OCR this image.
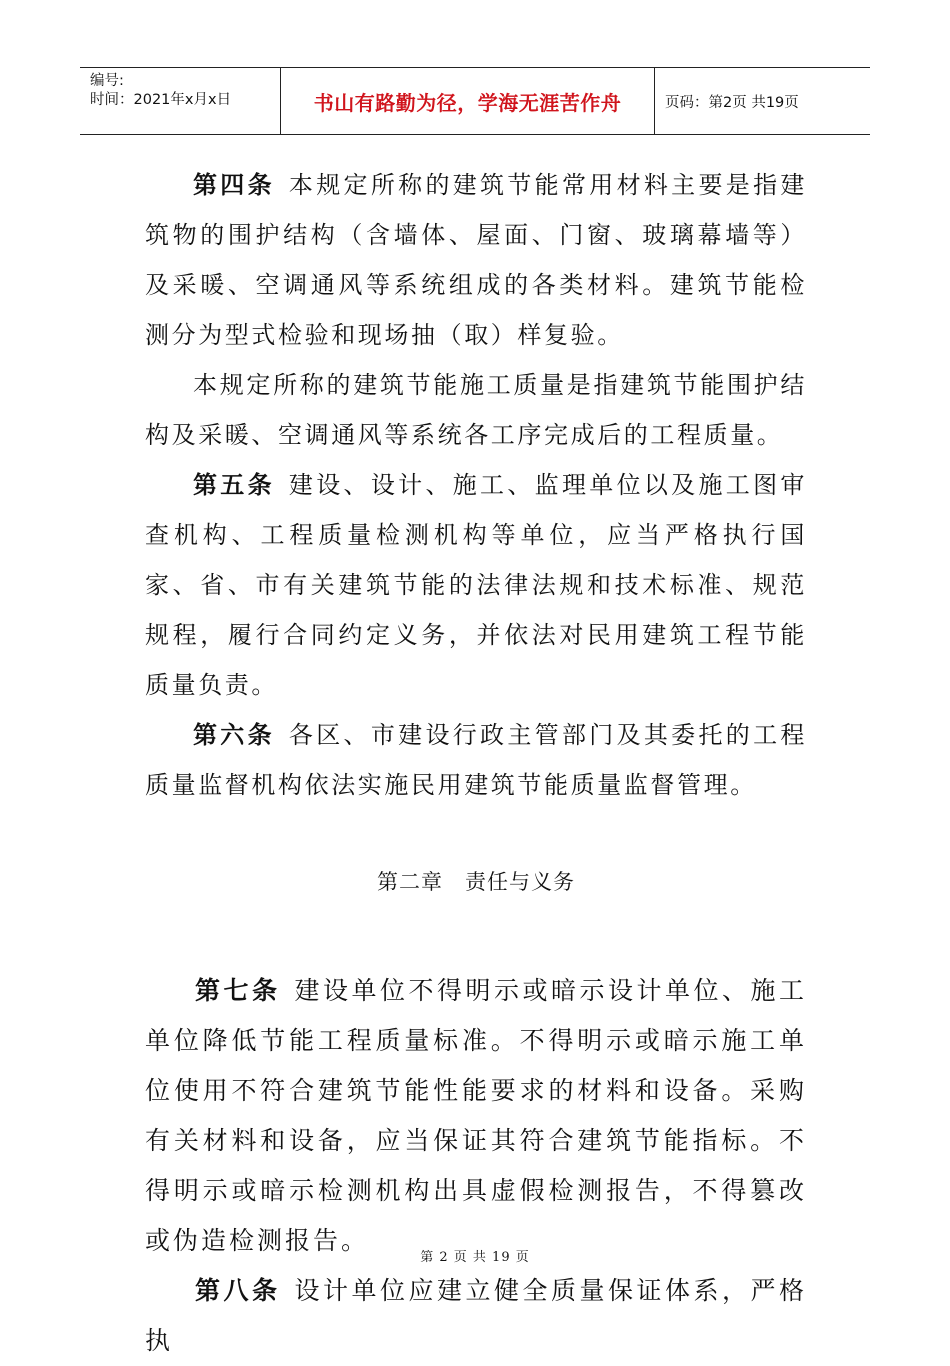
编号:
时间：2021年x月x日	书山有路勤为径，学海无涯苦作舟	页码：第2页 共19页

第四条 本规定所称的建筑节能常用材料主要是指建筑物的围护结构（含墙体、屋面、门窗、玻璃幕墙等）及采暖、空调通风等系统组成的各类材料。建筑节能检测分为型式检验和现场抽（取）样复验。

本规定所称的建筑节能施工质量是指建筑节能围护结构及采暖、空调通风等系统各工序完成后的工程质量。

第五条 建设、设计、施工、监理单位以及施工图审查机构、工程质量检测机构等单位，应当严格执行国家、省、市有关建筑节能的法律法规和技术标准、规范规程，履行合同约定义务，并依法对民用建筑工程节能质量负责。

第六条 各区、市建设行政主管部门及其委托的工程质量监督机构依法实施民用建筑节能质量监督管理。

第二章　责任与义务

第七条 建设单位不得明示或暗示设计单位、施工单位降低节能工程质量标准。不得明示或暗示施工单位使用不符合建筑节能性能要求的材料和设备。采购有关材料和设备，应当保证其符合建筑节能指标。不得明示或暗示检测机构出具虚假检测报告，不得篡改或伪造检测报告。

第八条 设计单位应建立健全质量保证体系，严格执

第 2 页 共 19 页
